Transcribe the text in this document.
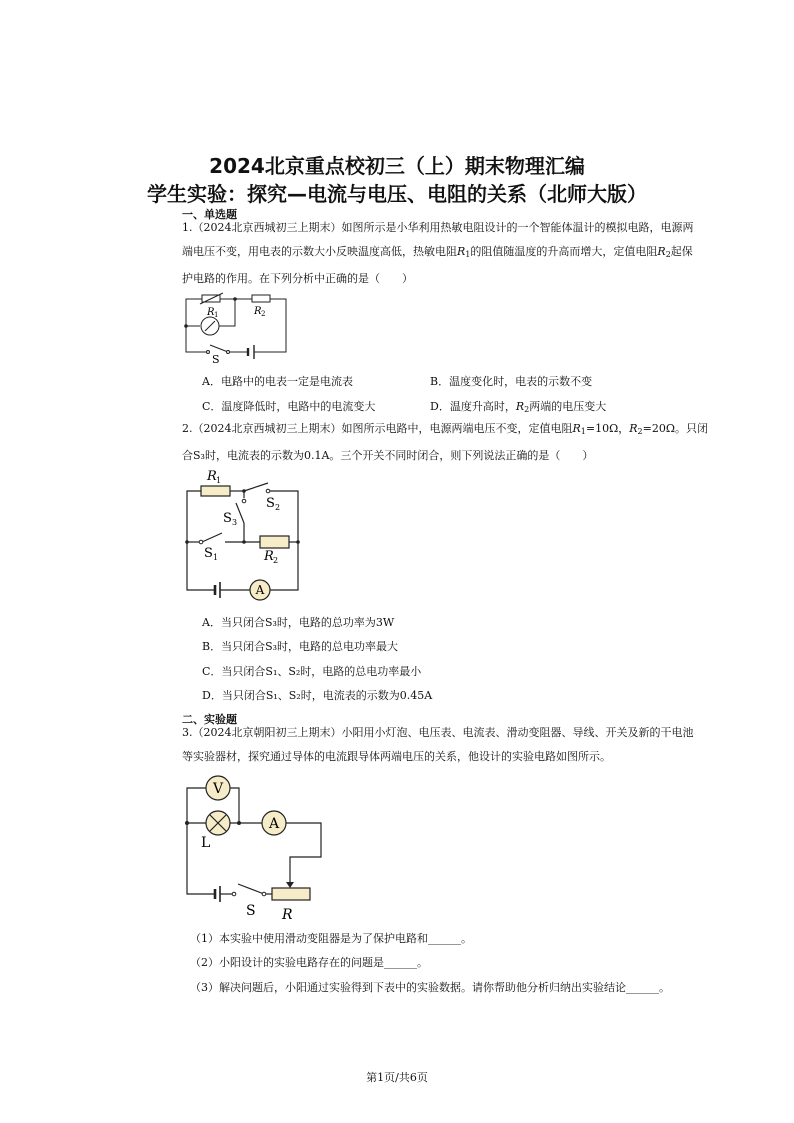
2024北京重点校初三（上）期末物理汇编
学生实验：探究—电流与电压、电阻的关系（北师大版）
一、单选题
1.（2024北京西城初三上期末）如图所示是小华利用热敏电阻设计的一个智能体温计的模拟电路，电源两
端电压不变，用电表的示数大小反映温度高低，热敏电阻$R_1$的阻值随温度的升高而增大，定值电阻$R_2$起保
护电路的作用。在下列分析中正确的是（　　）
R 1	R 2
S
A．电路中的电表一定是电流表	B．温度变化时，电表的示数不变
C．温度降低时，电路中的电流变大	D．温度升高时，$R_2$两端的电压变大
2.（2024北京西城初三上期末）如图所示电路中，电源两端电压不变，定值电阻$R_1=10\Omega$，$R_2=20\Omega$。只闭
合S₃时，电流表的示数为0.1A。三个开关不同时闭合，则下列说法正确的是（　　）
R 1
S 2
S 3
S 1	R 2
A
A．当只闭合S₃时，电路的总功率为3W
B．当只闭合S₃时，电路的总电功率最大
C．当只闭合S₁、S₂时，电路的总电功率最小
D．当只闭合S₁、S₂时，电流表的示数为0.45A
二、实验题
3.（2024北京朝阳初三上期末）小阳用小灯泡、电压表、电流表、滑动变阻器、导线、开关及新的干电池
等实验器材，探究通过导体的电流跟导体两端电压的关系，他设计的实验电路如图所示。
V
A
L
S R
（1）本实验中使用滑动变阻器是为了保护电路和______。
（2）小阳设计的实验电路存在的问题是______。
（3）解决问题后，小阳通过实验得到下表中的实验数据。请你帮助他分析归纳出实验结论______。
第1页/共6页
